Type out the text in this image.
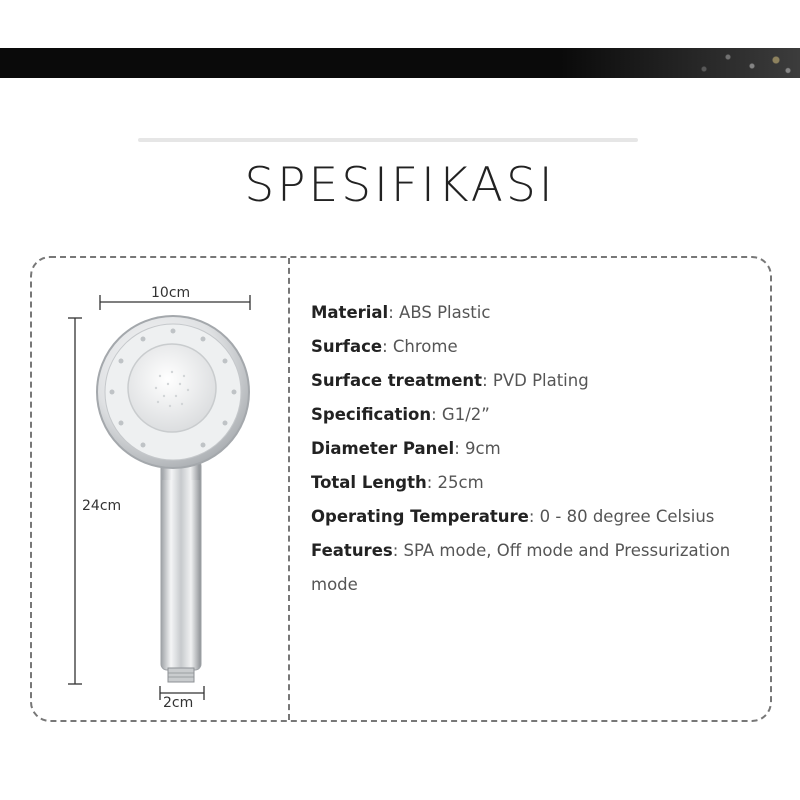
SPESIFIKASI
10cm
24cm
2cm
Material: ABS Plastic
Surface: Chrome
Surface treatment: PVD Plating
Specification: G1/2”
Diameter Panel: 9cm
Total Length: 25cm
Operating Temperature: 0 - 80 degree Celsius
Features: SPA mode, Off mode and Pressurization mode
